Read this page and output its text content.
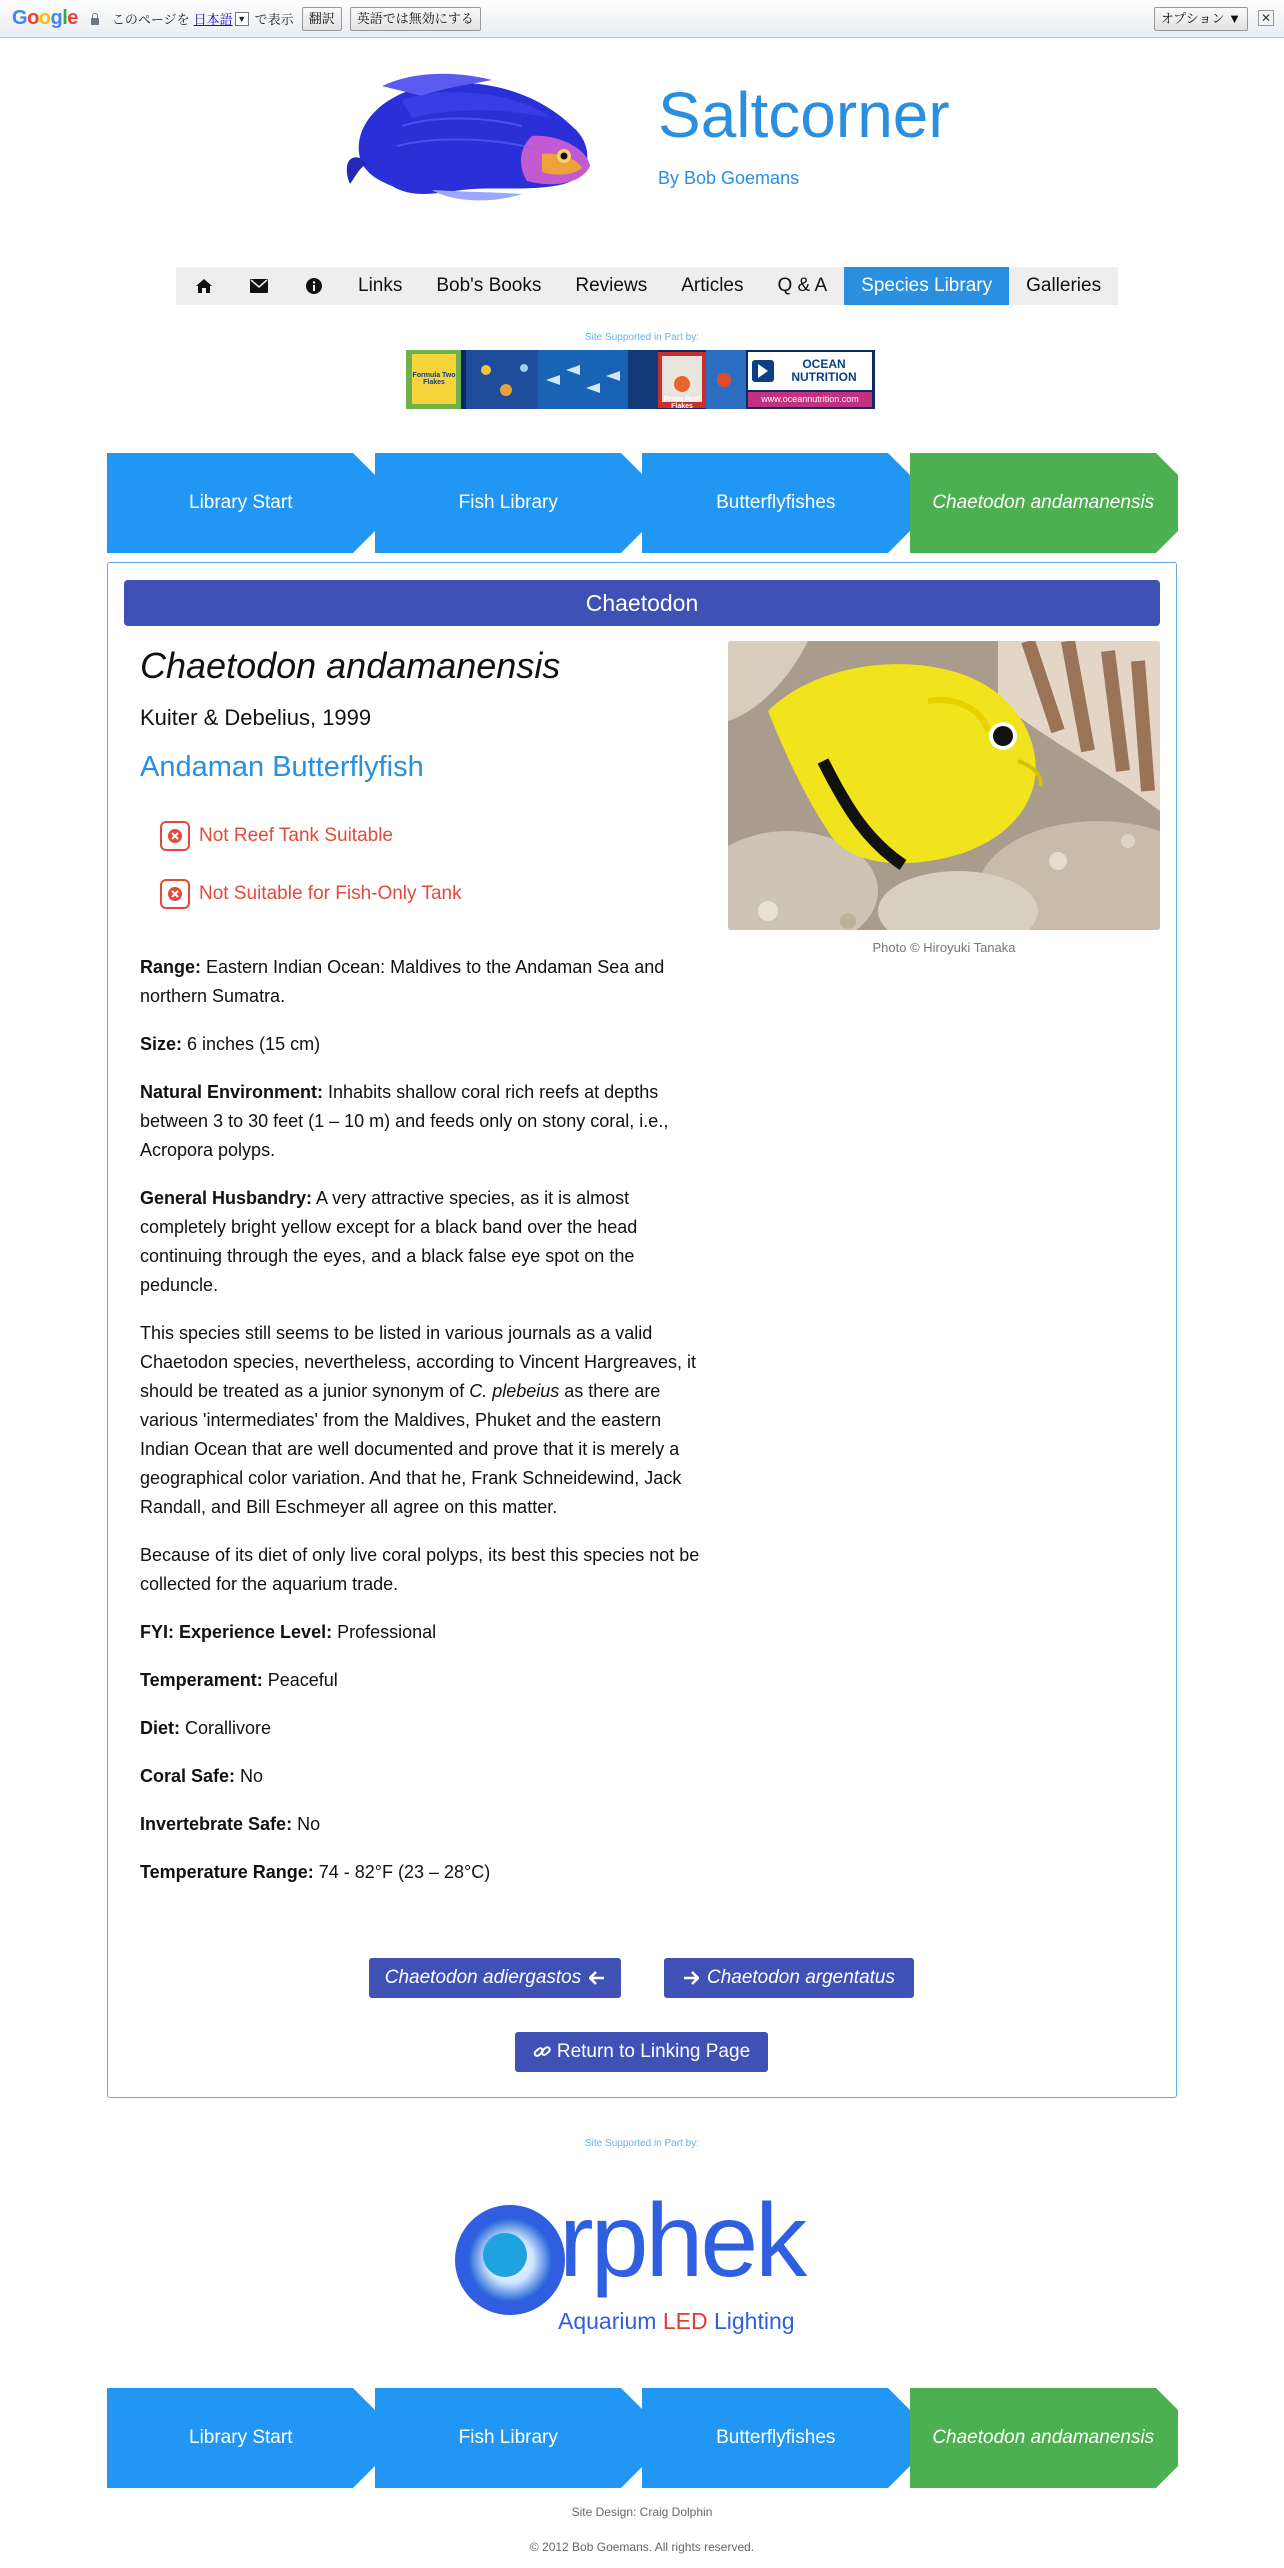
Google	このページを 日本語 ▼ で表示	翻訳	英語では無効にする	オプション ▼	✕
Saltcorner
By Bob Goemans
Links	Bob's Books	Reviews	Articles	Q & A	Species Library	Galleries
Site Supported in Part by:
OCEAN NUTRITION
www.oceannutrition.com
Formula Two Flakes
Prime Reef Flakes
Library Start	Fish Library	Butterflyfishes	Chaetodon andamanensis
Chaetodon
Chaetodon andamanensis
Kuiter & Debelius, 1999
Andaman Butterflyfish
Not Reef Tank Suitable
Not Suitable for Fish-Only Tank
Photo © Hiroyuki Tanaka

Range: Eastern Indian Ocean: Maldives to the Andaman Sea and northern Sumatra.

Size: 6 inches (15 cm)

Natural Environment: Inhabits shallow coral rich reefs at depths between 3 to 30 feet (1 – 10 m) and feeds only on stony coral, i.e., Acropora polyps.

General Husbandry: A very attractive species, as it is almost completely bright yellow except for a black band over the head continuing through the eyes, and a black false eye spot on the peduncle.

This species still seems to be listed in various journals as a valid Chaetodon species, nevertheless, according to Vincent Hargreaves, it should be treated as a junior synonym of C. plebeius as there are various 'intermediates' from the Maldives, Phuket and the eastern Indian Ocean that are well documented and prove that it is merely a geographical color variation. And that he, Frank Schneidewind, Jack Randall, and Bill Eschmeyer all agree on this matter.

Because of its diet of only live coral polyps, its best this species not be collected for the aquarium trade.

FYI: Experience Level: Professional

Temperament: Peaceful

Diet: Corallivore

Coral Safe: No

Invertebrate Safe: No

Temperature Range: 74 - 82°F (23 – 28°C)

Chaetodon adiergastos	Chaetodon argentatus
Return to Linking Page
Site Supported in Part by:
rphek
Aquarium LED Lighting
Library Start	Fish Library	Butterflyfishes	Chaetodon andamanensis
Site Design: Craig Dolphin
© 2012 Bob Goemans. All rights reserved.
